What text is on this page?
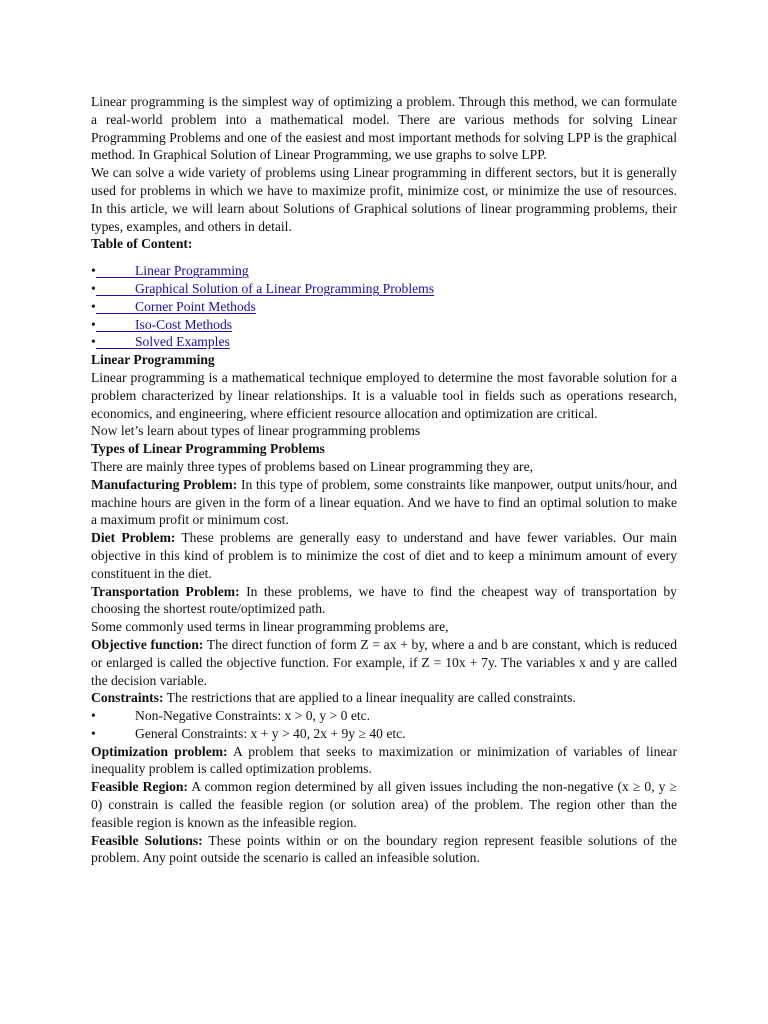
Linear programming is the simplest way of optimizing a problem. Through this method, we can formulate a real-world problem into a mathematical model. There are various methods for solving Linear Programming Problems and one of the easiest and most important methods for solving LPP is the graphical method. In Graphical Solution of Linear Programming, we use graphs to solve LPP.

We can solve a wide variety of problems using Linear programming in different sectors, but it is generally used for problems in which we have to maximize profit, minimize cost, or minimize the use of resources. In this article, we will learn about Solutions of Graphical solutions of linear programming problems, their types, examples, and others in detail.

Table of Content:

•	Linear Programming
•	Graphical Solution of a Linear Programming Problems
•	Corner Point Methods
•	Iso-Cost Methods
•	Solved Examples

Linear Programming

Linear programming is a mathematical technique employed to determine the most favorable solution for a problem characterized by linear relationships. It is a valuable tool in fields such as operations research, economics, and engineering, where efficient resource allocation and optimization are critical.

Now let’s learn about types of linear programming problems

Types of Linear Programming Problems

There are mainly three types of problems based on Linear programming they are,

Manufacturing Problem: In this type of problem, some constraints like manpower, output units/hour, and machine hours are given in the form of a linear equation. And we have to find an optimal solution to make a maximum profit or minimum cost.

Diet Problem: These problems are generally easy to understand and have fewer variables. Our main objective in this kind of problem is to minimize the cost of diet and to keep a minimum amount of every constituent in the diet.

Transportation Problem: In these problems, we have to find the cheapest way of transportation by choosing the shortest route/optimized path.

Some commonly used terms in linear programming problems are,

Objective function: The direct function of form Z = ax + by, where a and b are constant, which is reduced or enlarged is called the objective function. For example, if Z = 10x + 7y. The variables x and y are called the decision variable.

Constraints: The restrictions that are applied to a linear inequality are called constraints.

•	Non-Negative Constraints: x > 0, y > 0 etc.
•	General Constraints: x + y > 40, 2x + 9y ≥ 40 etc.

Optimization problem: A problem that seeks to maximization or minimization of variables of linear inequality problem is called optimization problems.

Feasible Region: A common region determined by all given issues including the non-negative (x ≥ 0, y ≥ 0) constrain is called the feasible region (or solution area) of the problem. The region other than the feasible region is known as the infeasible region.

Feasible Solutions: These points within or on the boundary region represent feasible solutions of the problem. Any point outside the scenario is called an infeasible solution.
